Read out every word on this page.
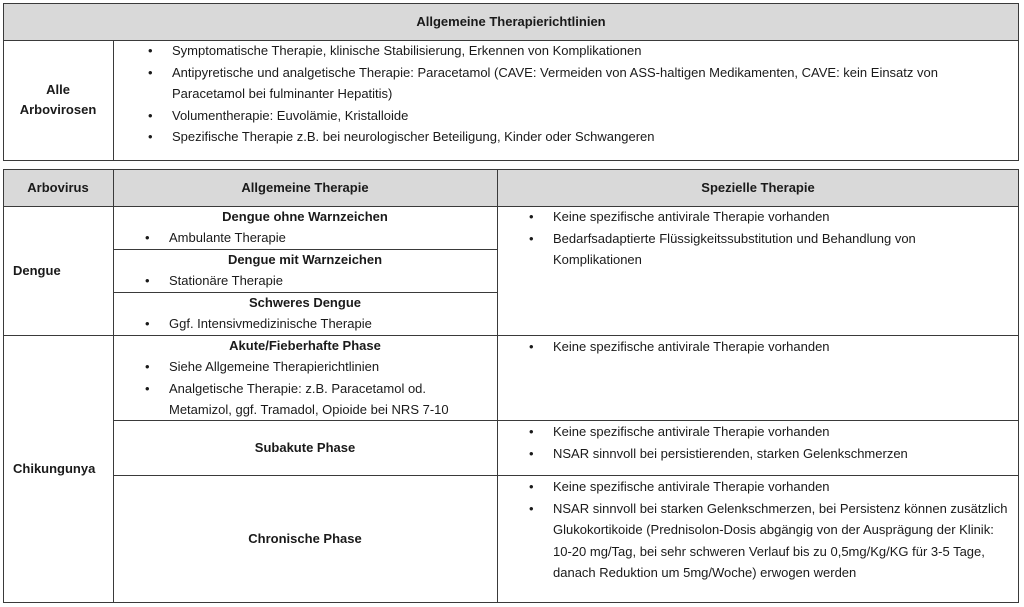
Allgemeine Therapierichtlinien
Alle
Arbovirosen
• Symptomatische Therapie, klinische Stabilisierung, Erkennen von Komplikationen
• Antipyretische und analgetische Therapie: Paracetamol (CAVE: Vermeiden von ASS-haltigen Medikamenten, CAVE: kein Einsatz von Paracetamol bei fulminanter Hepatitis)
• Volumentherapie: Euvolämie, Kristalloide
• Spezifische Therapie z.B. bei neurologischer Beteiligung, Kinder oder Schwangeren
Arbovirus	Allgemeine Therapie	Spezielle Therapie
Dengue
Dengue ohne Warnzeichen
• Ambulante Therapie
Dengue mit Warnzeichen
• Stationäre Therapie
Schweres Dengue
• Ggf. Intensivmedizinische Therapie
• Keine spezifische antivirale Therapie vorhanden
• Bedarfsadaptierte Flüssigkeitssubstitution und Behandlung von Komplikationen
Chikungunya
Akute/Fieberhafte Phase
• Siehe Allgemeine Therapierichtlinien
• Analgetische Therapie: z.B. Paracetamol od. Metamizol, ggf. Tramadol, Opioide bei NRS 7-10
Subakute Phase
Chronische Phase
• Keine spezifische antivirale Therapie vorhanden
• Keine spezifische antivirale Therapie vorhanden
• NSAR sinnvoll bei persistierenden, starken Gelenkschmerzen
• Keine spezifische antivirale Therapie vorhanden
• NSAR sinnvoll bei starken Gelenkschmerzen, bei Persistenz können zusätzlich Glukokortikoide (Prednisolon-Dosis abgängig von der Ausprägung der Klinik: 10-20 mg/Tag, bei sehr schweren Verlauf bis zu 0,5mg/Kg/KG für 3-5 Tage, danach Reduktion um 5mg/Woche) erwogen werden
